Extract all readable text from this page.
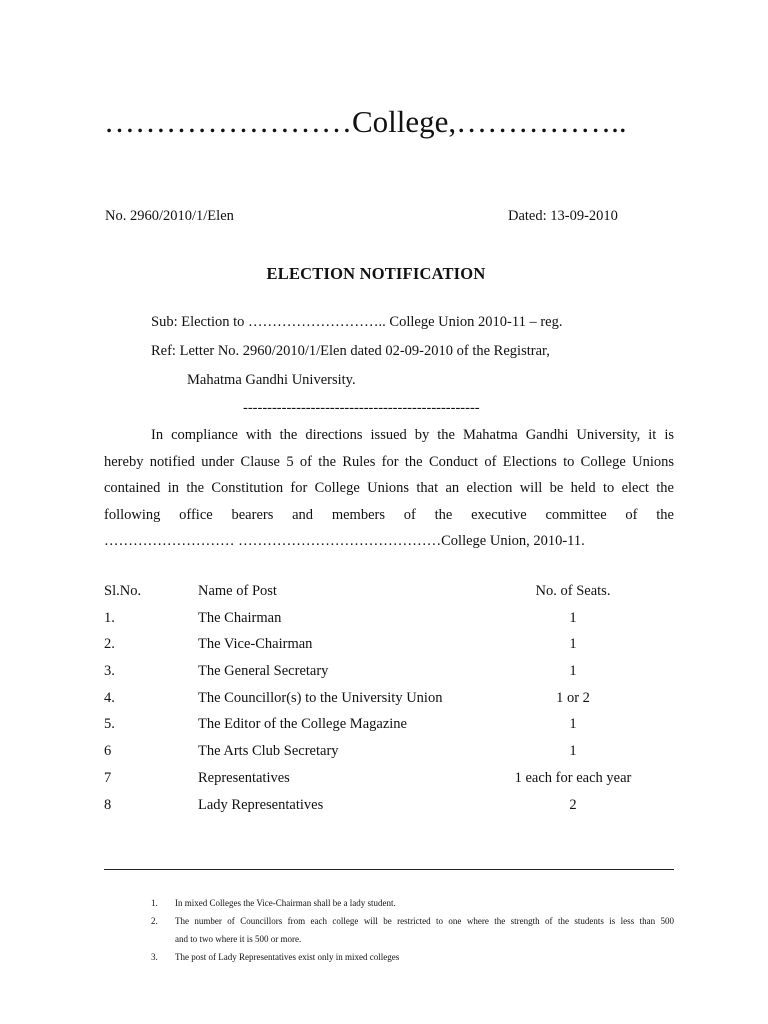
……………………College,……………..
No. 2960/2010/1/Elen	Dated: 13-09-2010
ELECTION NOTIFICATION
Sub: Election to ……………………….. College Union 2010-11 – reg.
Ref: Letter No. 2960/2010/1/Elen dated 02-09-2010 of the Registrar,
Mahatma Gandhi University.
-------------------------------------------------
In compliance with the directions issued by the Mahatma Gandhi University, it is
hereby notified under Clause 5 of the Rules for the Conduct of Elections to College Unions
contained in the Constitution for College Unions that an election will be held to elect the
following office bearers and members of the executive committee of the
……………………… ……………………………………College Union, 2010-11.
Sl.No.	Name of Post	No. of Seats.
1.	The Chairman	1
2.	The Vice-Chairman	1
3.	The General Secretary	1
4.	The Councillor(s) to the University Union	1 or 2
5.	The Editor of the College Magazine	1
6	The Arts Club Secretary	1
7	Representatives	1 each for each year
8	Lady Representatives	2
1. In mixed Colleges the Vice-Chairman shall be a lady student.
2. The number of Councillors from each college will be restricted to one where the strength of the students is less than 500
and to two where it is 500 or more.
3. The post of Lady Representatives exist only in mixed colleges
